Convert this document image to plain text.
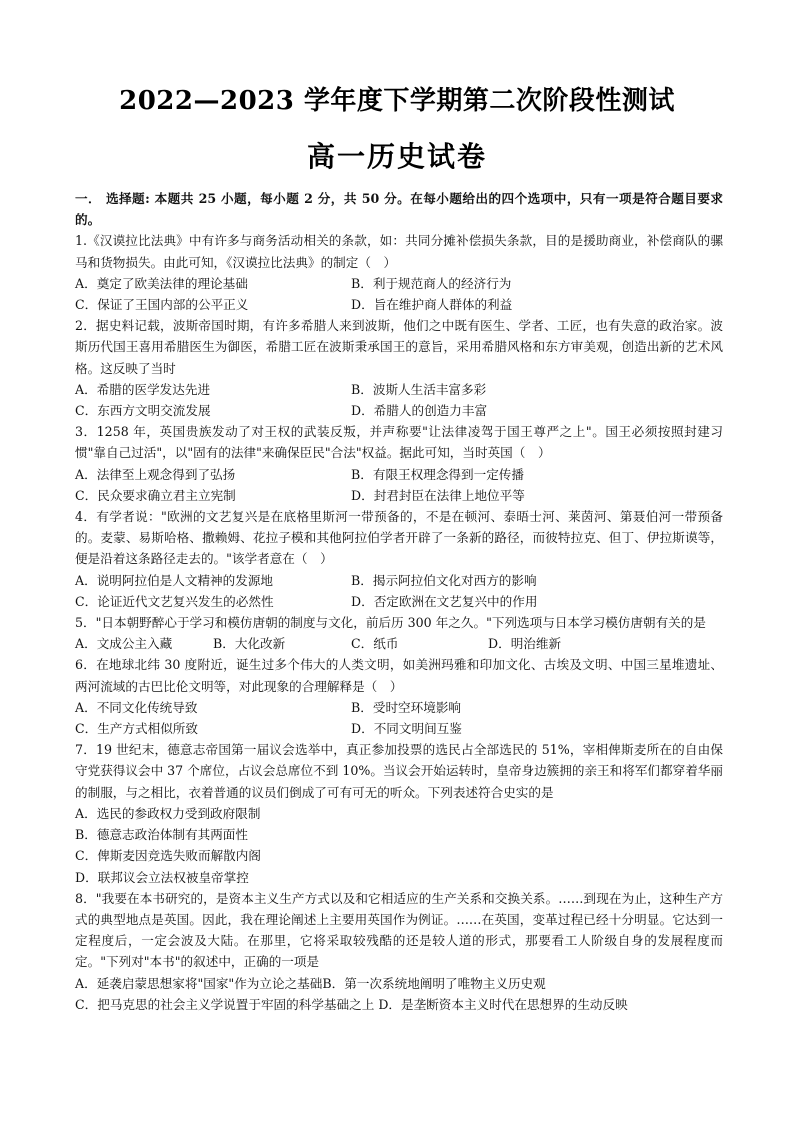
2022—2023 学年度下学期第二次阶段性测试
高一历史试卷
一． 选择题: 本题共 25 小题，每小题 2 分，共 50 分。在每小题给出的四个选项中，只有一项是符合题目要求的。
1.《汉谟拉比法典》中有许多与商务活动相关的条款，如：共同分摊补偿损失条款，目的是援助商业，补偿商队的骡马和货物损失。由此可知，《汉谟拉比法典》的制定（　）
A．奠定了欧美法律的理论基础	B．利于规范商人的经济行为
C．保证了王国内部的公平正义	D．旨在维护商人群体的利益
2．据史料记载，波斯帝国时期，有许多希腊人来到波斯，他们之中既有医生、学者、工匠，也有失意的政治家。波斯历代国王喜用希腊医生为御医，希腊工匠在波斯秉承国王的意旨，采用希腊风格和东方审美观，创造出新的艺术风格。这反映了当时
A．希腊的医学发达先进	B．波斯人生活丰富多彩
C．东西方文明交流发展	D．希腊人的创造力丰富
3．1258 年，英国贵族发动了对王权的武装反叛，并声称要"让法律凌驾于国王尊严之上"。国王必须按照封建习惯"靠自己过活"，以"固有的法律"来确保臣民"合法"权益。据此可知，当时英国（　）
A．法律至上观念得到了弘扬	B．有限王权理念得到一定传播
C．民众要求确立君主立宪制	D．封君封臣在法律上地位平等
4．有学者说："欧洲的文艺复兴是在底格里斯河一带预备的，不是在顿河、泰晤士河、莱茵河、第聂伯河一带预备的。麦蒙、易斯哈格、撒赖姆、花拉子模和其他阿拉伯学者开辟了一条新的路径，而彼特拉克、但丁、伊拉斯谟等，便是沿着这条路径走去的。"该学者意在（　）
A．说明阿拉伯是人文精神的发源地	B．揭示阿拉伯文化对西方的影响
C．论证近代文艺复兴发生的必然性	D．否定欧洲在文艺复兴中的作用
5．"日本朝野醉心于学习和模仿唐朝的制度与文化，前后历 300 年之久。"下列选项与日本学习模仿唐朝有关的是
A．文成公主入藏	B．大化改新	C．纸币	D．明治维新
6．在地球北纬 30 度附近，诞生过多个伟大的人类文明，如美洲玛雅和印加文化、古埃及文明、中国三星堆遗址、两河流域的古巴比伦文明等，对此现象的合理解释是（　）
A．不同文化传统导致	B．受时空环境影响
C．生产方式相似所致	D．不同文明间互鉴
7．19 世纪末，德意志帝国第一届议会选举中，真正参加投票的选民占全部选民的 51%，宰相俾斯麦所在的自由保守党获得议会中 37 个席位，占议会总席位不到 10%。当议会开始运转时，皇帝身边簇拥的亲王和将军们都穿着华丽的制服，与之相比，衣着普通的议员们倒成了可有可无的听众。下列表述符合史实的是
A．选民的参政权力受到政府限制
B．德意志政治体制有其两面性
C．俾斯麦因竞选失败而解散内阁
D．联邦议会立法权被皇帝掌控
8．"我要在本书研究的，是资本主义生产方式以及和它相适应的生产关系和交换关系。……到现在为止，这种生产方式的典型地点是英国。因此，我在理论阐述上主要用英国作为例证。……在英国，变革过程已经十分明显。它达到一定程度后，一定会波及大陆。在那里，它将采取较残酷的还是较人道的形式，那要看工人阶级自身的发展程度而定。"下列对"本书"的叙述中，正确的一项是
A．延袭启蒙思想家将"国家"作为立论之基础B．第一次系统地阐明了唯物主义历史观
C．把马克思的社会主义学说置于牢固的科学基础之上 D．是垄断资本主义时代在思想界的生动反映
